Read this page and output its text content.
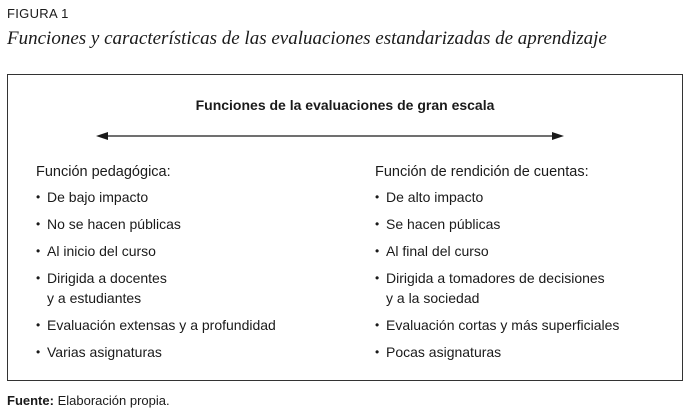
FIGURA 1
Funciones y características de las evaluaciones estandarizadas de aprendizaje
Funciones de la evaluaciones de gran escala
Función pedagógica:
• De bajo impacto
• No se hacen públicas
• Al inicio del curso
• Dirigida a docentes
y a estudiantes
• Evaluación extensas y a profundidad
• Varias asignaturas
Función de rendición de cuentas:
• De alto impacto
• Se hacen públicas
• Al final del curso
• Dirigida a tomadores de decisiones
y a la sociedad
• Evaluación cortas y más superficiales
• Pocas asignaturas
Fuente: Elaboración propia.
